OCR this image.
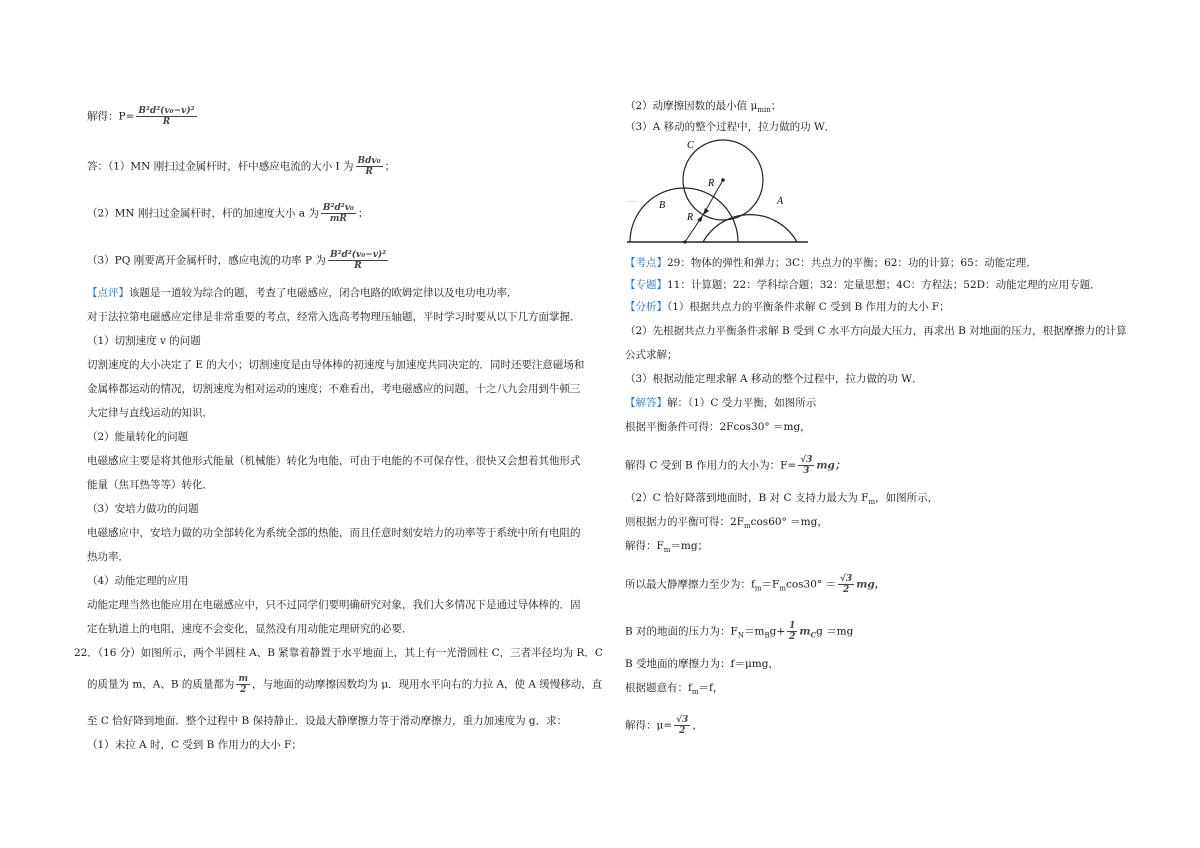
解得：$P= \frac{\text{B²d²(v₀−v)²}}{R}$
答：（1）MN 刚扫过金属杆时，杆中感应电流的大小 I 为 $\frac{\text{Bdv₀}}{R}$ ；
（2）MN 刚扫过金属杆时，杆的加速度大小 a 为 $\frac{\text{B²d²v₀}}{mR}$ ；
（3）PQ 刚要离开金属杆时，感应电流的功率 P 为 $\frac{\text{B²d²(v₀−v)²}}{R}$
【点评】该题是一道较为综合的题，考查了电磁感应，闭合电路的欧姆定律以及电功电功率．
对于法拉第电磁感应定律是非常重要的考点，经常入选高考物理压轴题，平时学习时要从以下几方面掌握．
（1）切割速度 v 的问题
切割速度的大小决定了 E 的大小；切割速度是由导体棒的初速度与加速度共同决定的．同时还要注意磁场和
金属棒都运动的情况，切割速度为相对运动的速度；不难看出，考电磁感应的问题，十之八九会用到牛顿三
大定律与直线运动的知识．
（2）能量转化的问题
电磁感应主要是将其他形式能量（机械能）转化为电能，可由于电能的不可保存性，很快又会想着其他形式
能量（焦耳热等等）转化．
（3）安培力做功的问题
电磁感应中，安培力做的功全部转化为系统全部的热能，而且任意时刻安培力的功率等于系统中所有电阻的
热功率．
（4）动能定理的应用
动能定理当然也能应用在电磁感应中，只不过同学们要明确研究对象，我们大多情况下是通过导体棒的．固
定在轨道上的电阻，速度不会变化，显然没有用动能定理研究的必要．
22．（16 分）如图所示，两个半圆柱 A、B 紧靠着静置于水平地面上，其上有一光滑圆柱 C，三者半径均为 R．C
的质量为 m，A、B 的质量都为 $\frac{m}{2}$ ，与地面的动摩擦因数均为 μ．现用水平向右的力拉 A，使 A 缓慢移动，直
至 C 恰好降到地面．整个过程中 B 保持静止．设最大静摩擦力等于滑动摩擦力，重力加速度为 g．求：
（1）未拉 A 时，C 受到 B 作用力的大小 F；
（2）动摩擦因数的最小值 $\mu_{min}$；
（3）A 移动的整个过程中，拉力做的功 W．
C
B	A
R
R
……
【考点】29：物体的弹性和弹力；3C：共点力的平衡；62：功的计算；65：动能定理．
【专题】11：计算题；22：学科综合题；32：定量思想；4C：方程法；52D：动能定理的应用专题．
【分析】（1）根据共点力的平衡条件求解 C 受到 B 作用力的大小 F；
（2）先根据共点力平衡条件求解 B 受到 C 水平方向最大压力，再求出 B 对地面的压力，根据摩擦力的计算
公式求解；
（3）根据动能定理求解 A 移动的整个过程中，拉力做的功 W．
【解答】解：（1）C 受力平衡，如图所示
根据平衡条件可得：2Fcos30° ＝mg，
解得 C 受到 B 作用力的大小为：$F= \frac{√3}{3}$ mg；
（2）C 恰好降落到地面时，B 对 C 支持力最大为 $F_m$，如图所示，
则根据力的平衡可得：$2F_m\cos 60^\circ =mg$，
解得：$F_m=mg$；
所以最大静摩擦力至少为：$f_m=F_m\cos 30^\circ = \frac{√3}{2}$ mg，
B 对的地面的压力为：$F_N=m_Bg+ \frac{1}{2} m_Cg =mg$
B 受地面的摩擦力为：f＝μmg，
根据题意有：$f_m=f$，
解得：$\mu= \frac{√3}{2}$ ，
